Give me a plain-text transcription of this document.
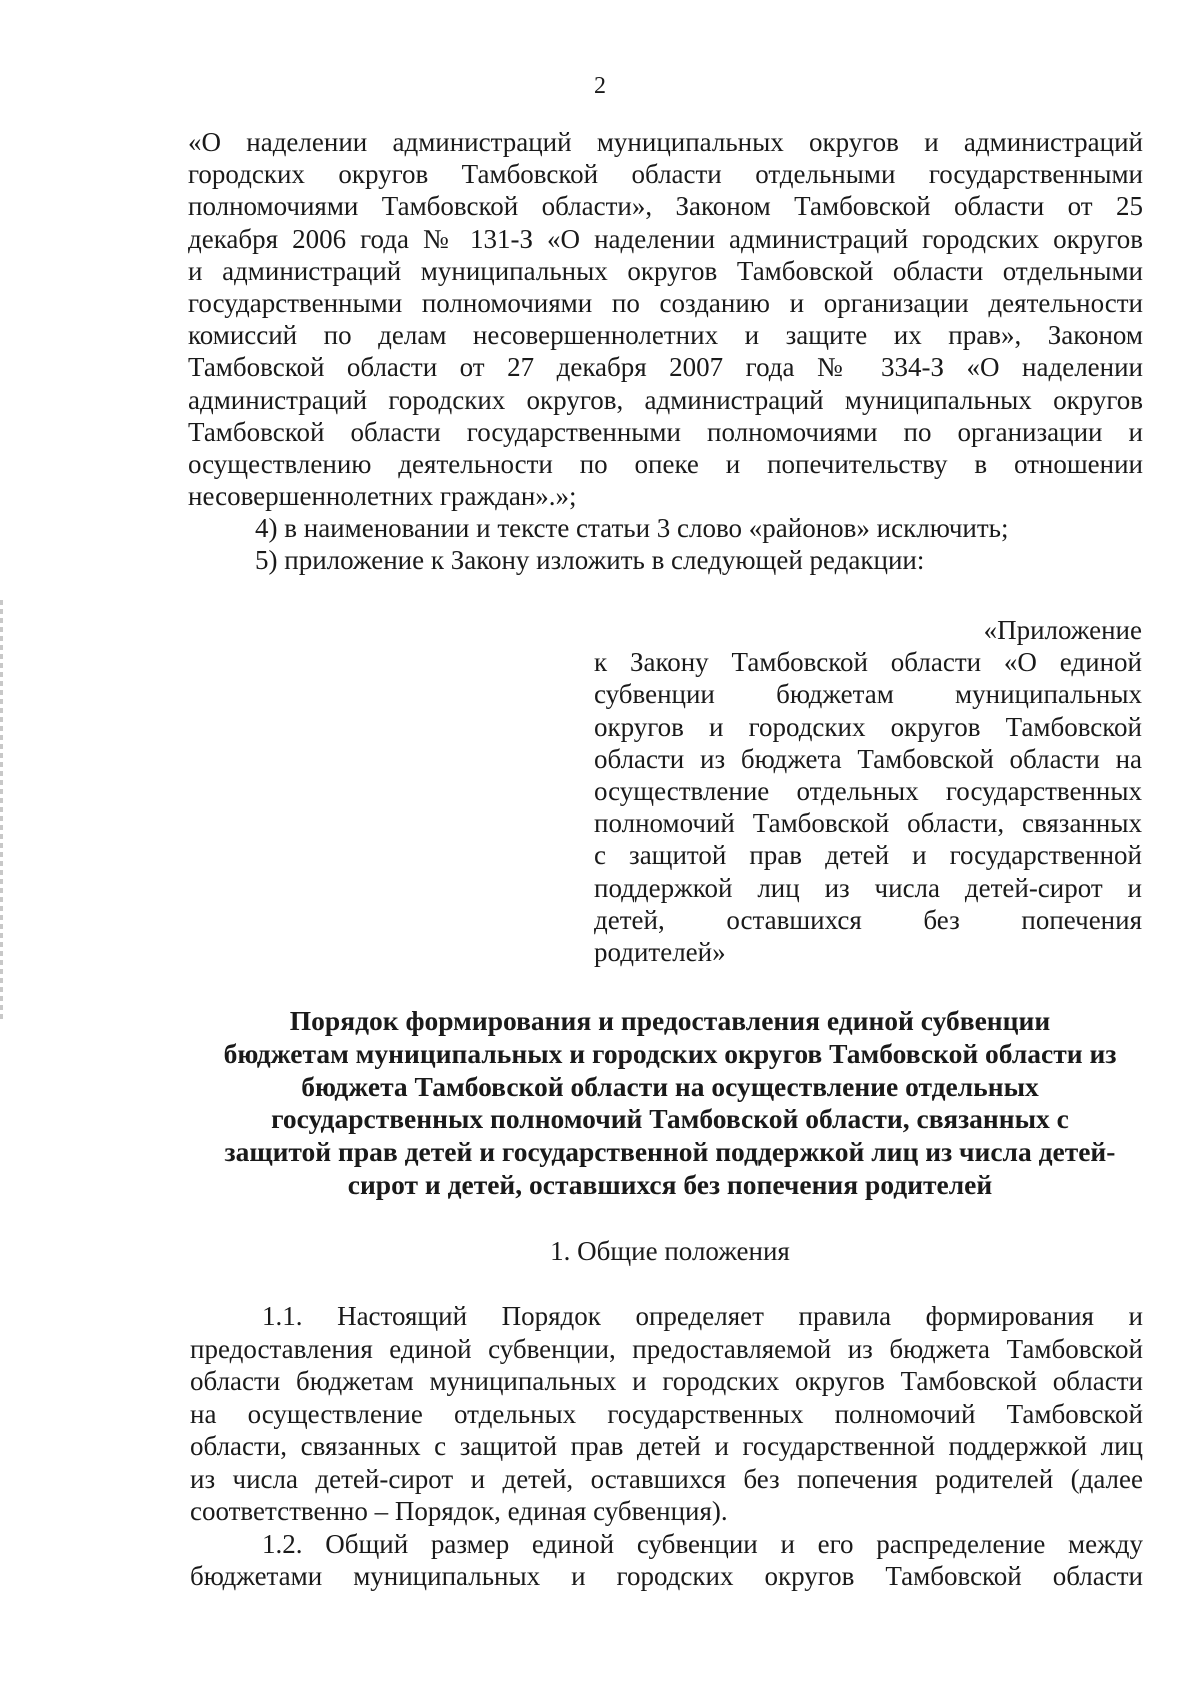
2
«О наделении администраций муниципальных округов и администраций
городских округов Тамбовской области отдельными государственными
полномочиями Тамбовской области», Законом Тамбовской области от 25
декабря 2006 года № 131-З «О наделении администраций городских округов
и администраций муниципальных округов Тамбовской области отдельными
государственными полномочиями по созданию и организации деятельности
комиссий по делам несовершеннолетних и защите их прав», Законом
Тамбовской области от 27 декабря 2007 года № 334-З «О наделении
администраций городских округов, администраций муниципальных округов
Тамбовской области государственными полномочиями по организации и
осуществлению деятельности по опеке и попечительству в отношении
несовершеннолетних граждан».»;
4) в наименовании и тексте статьи 3 слово «районов» исключить;
5) приложение к Закону изложить в следующей редакции:
«Приложение
к Закону Тамбовской области «О единой
субвенции бюджетам муниципальных
округов и городских округов Тамбовской
области из бюджета Тамбовской области на
осуществление отдельных государственных
полномочий Тамбовской области, связанных
с защитой прав детей и государственной
поддержкой лиц из числа детей-сирот и
детей, оставшихся без попечения
родителей»
Порядок формирования и предоставления единой субвенции
бюджетам муниципальных и городских округов Тамбовской области из
бюджета Тамбовской области на осуществление отдельных
государственных полномочий Тамбовской области, связанных с
защитой прав детей и государственной поддержкой лиц из числа детей-
сирот и детей, оставшихся без попечения родителей
1. Общие положения
1.1. Настоящий Порядок определяет правила формирования и
предоставления единой субвенции, предоставляемой из бюджета Тамбовской
области бюджетам муниципальных и городских округов Тамбовской области
на осуществление отдельных государственных полномочий Тамбовской
области, связанных с защитой прав детей и государственной поддержкой лиц
из числа детей-сирот и детей, оставшихся без попечения родителей (далее
соответственно – Порядок, единая субвенция).
1.2. Общий размер единой субвенции и его распределение между
бюджетами муниципальных и городских округов Тамбовской области
